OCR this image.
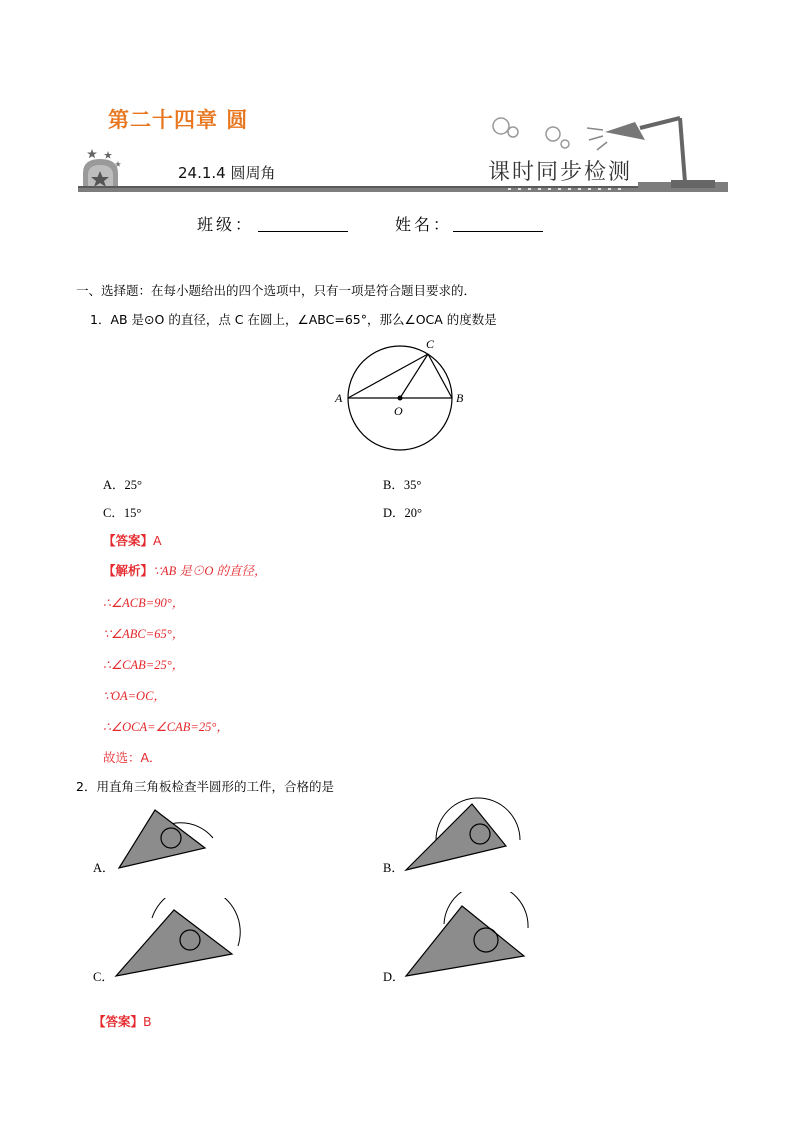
第二十四章 圆
24.1.4 圆周角	课时同步检测
班级：	姓名：
一、选择题：在每小题给出的四个选项中，只有一项是符合题目要求的．
1．AB 是⊙O 的直径，点 C 在圆上，∠ABC=65°，那么∠OCA 的度数是
A	B
C
O
A．25°	B．35°
C．15°	D．20°
【答案】A
【解析】∵AB 是⊙O 的直径，
∴∠ACB=90°，
∵∠ABC=65°，
∴∠CAB=25°，
∵OA=OC，
∴∠OCA=∠CAB=25°，
故选：A．
2．用直角三角板检查半圆形的工件，合格的是
A．	B．
C．	D．
【答案】B
